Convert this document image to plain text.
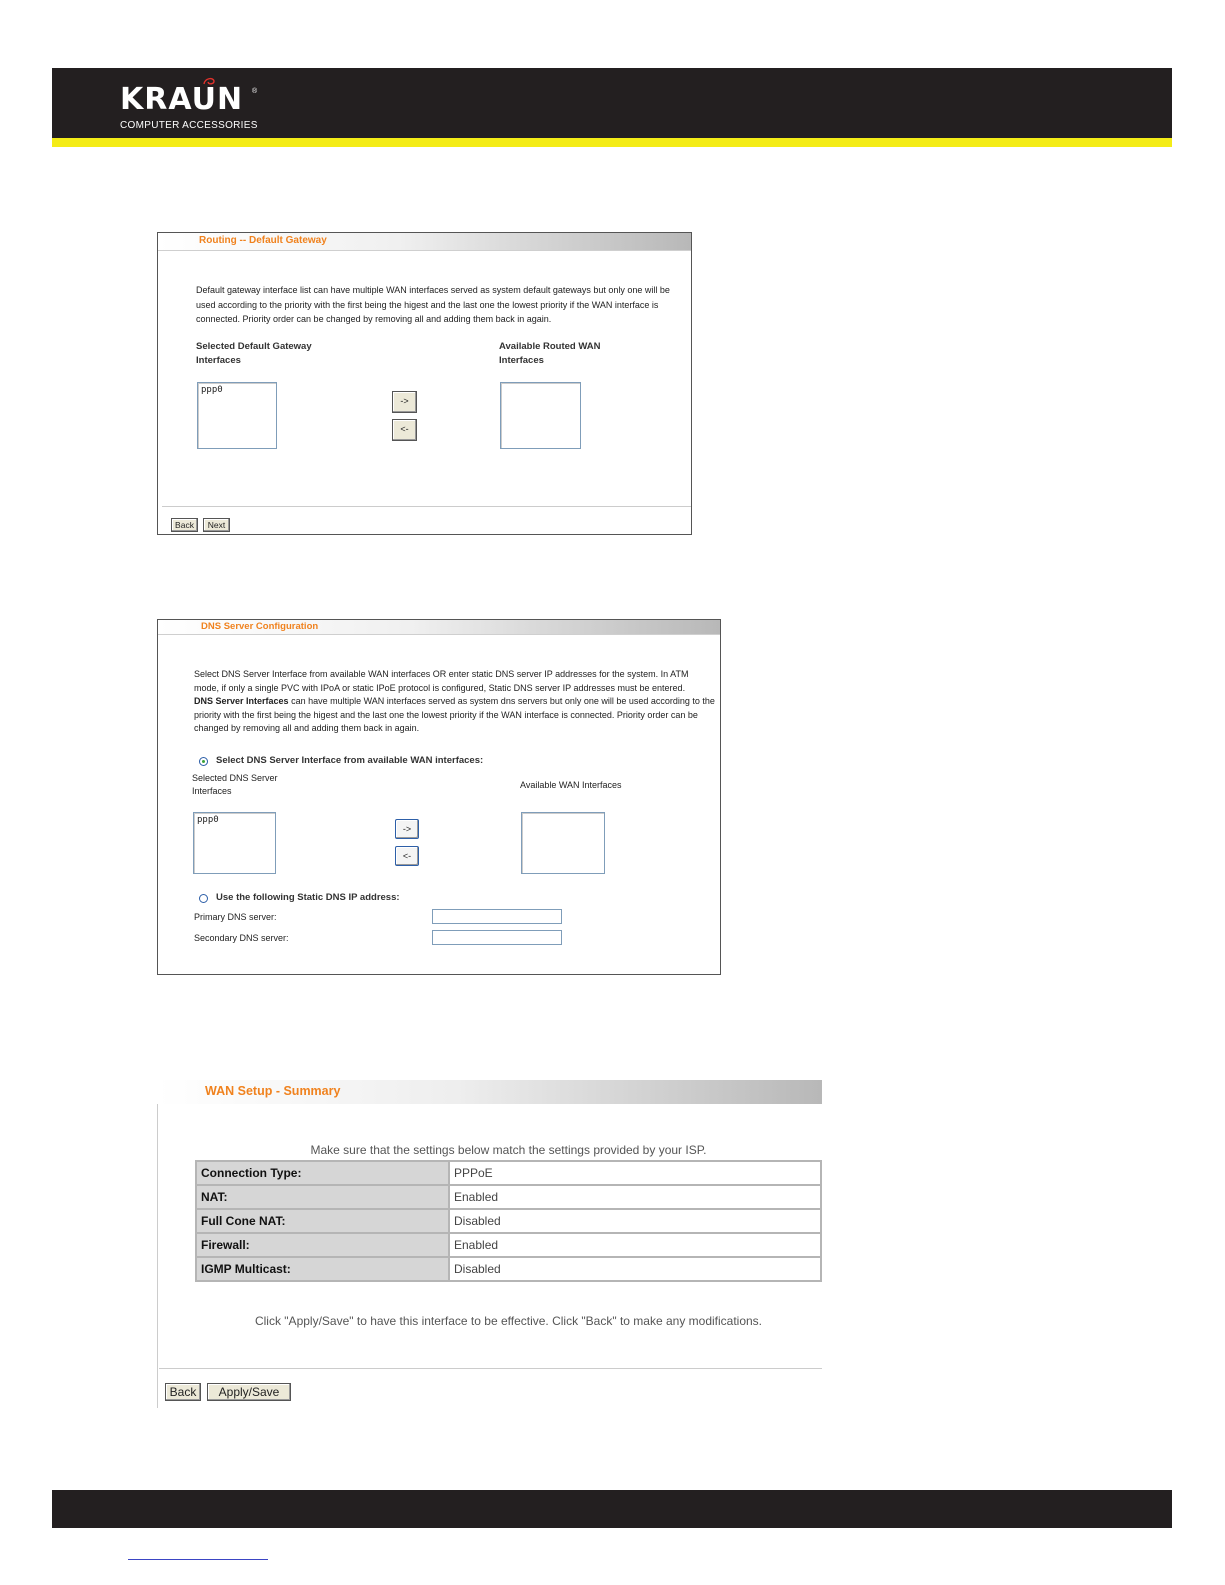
KRAUN ®
COMPUTER ACCESSORIES
Routing -- Default Gateway
Default gateway interface list can have multiple WAN interfaces served as system default gateways but only one will be used according to the priority with the first being the higest and the last one the lowest priority if the WAN interface is connected. Priority order can be changed by removing all and adding them back in again.
Selected Default Gateway
Interfaces
Available Routed WAN
Interfaces
ppp0
->
<-
Back	Next
DNS Server Configuration
Select DNS Server Interface from available WAN interfaces OR enter static DNS server IP addresses for the system. In ATM mode, if only a single PVC with IPoA or static IPoE protocol is configured, Static DNS server IP addresses must be entered.
DNS Server Interfaces can have multiple WAN interfaces served as system dns servers but only one will be used according to the priority with the first being the higest and the last one the lowest priority if the WAN interface is connected. Priority order can be changed by removing all and adding them back in again.
Select DNS Server Interface from available WAN interfaces:
Selected DNS Server
Interfaces
Available WAN Interfaces
ppp0
->
<-
Use the following Static DNS IP address:
Primary DNS server:
Secondary DNS server:
WAN Setup - Summary
Make sure that the settings below match the settings provided by your ISP.
Connection Type:	PPPoE
NAT:	Enabled
Full Cone NAT:	Disabled
Firewall:	Enabled
IGMP Multicast:	Disabled
Click "Apply/Save" to have this interface to be effective. Click "Back" to make any modifications.
Back	Apply/Save
